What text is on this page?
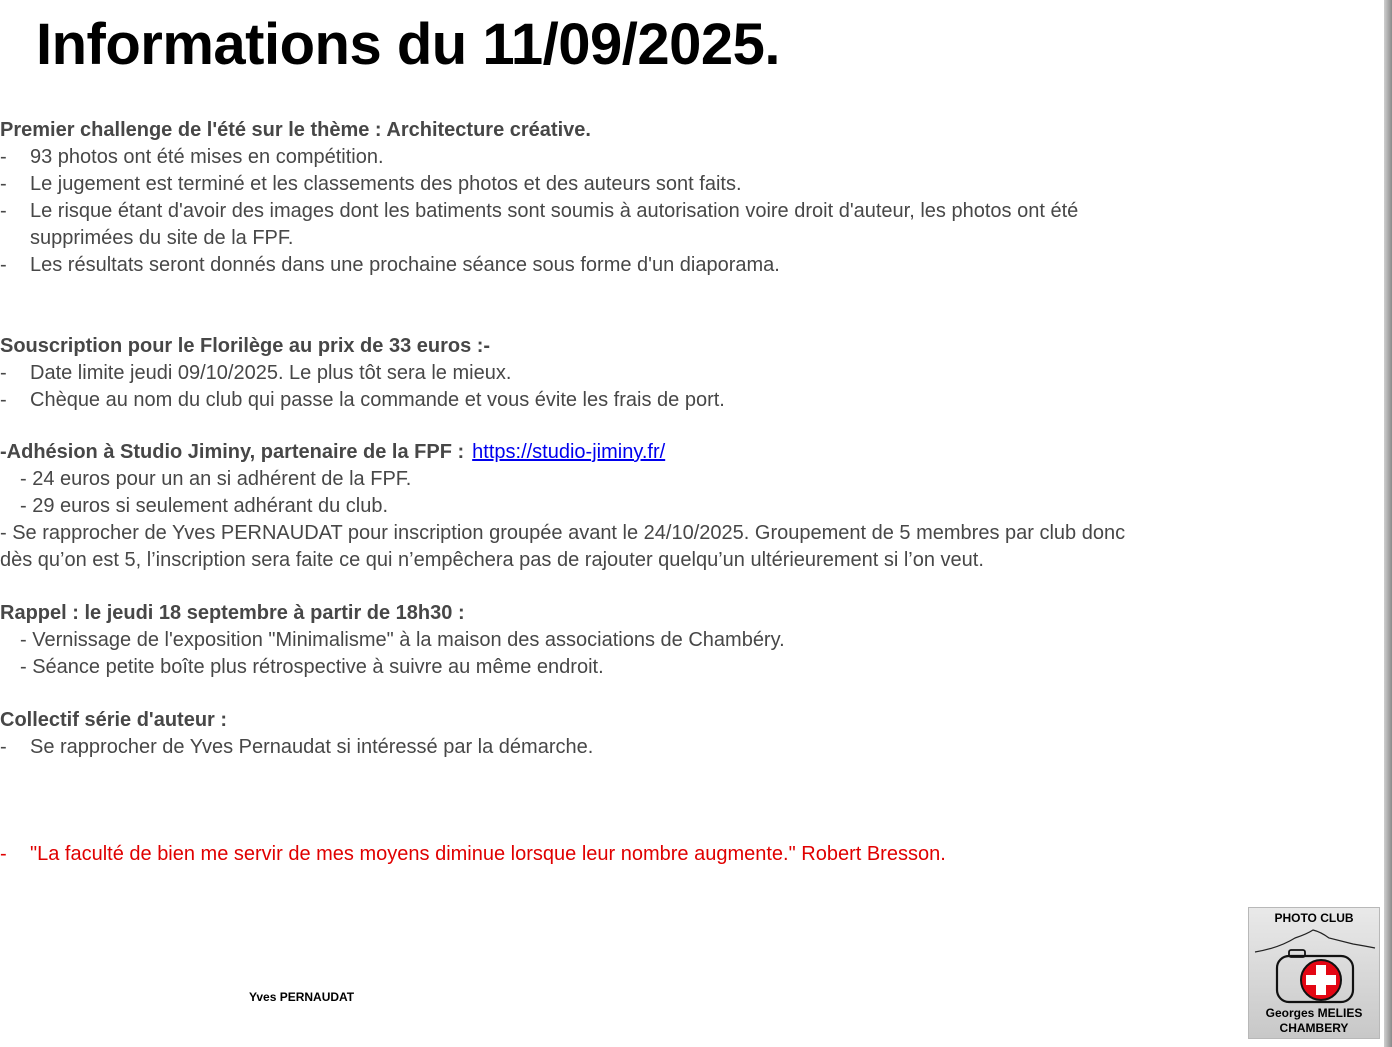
Informations du 11/09/2025.
Premier challenge de l'été sur le thème : Architecture créative.
- 93 photos ont été mises en compétition.
- Le jugement est terminé et les classements des photos et des auteurs sont faits.
- Le risque étant d'avoir des images dont les batiments sont soumis à autorisation voire droit d'auteur, les photos ont été
supprimées du site de la FPF.
- Les résultats seront donnés dans une prochaine séance sous forme d'un diaporama.
Souscription pour le Florilège au prix de 33 euros :-
- Date limite jeudi 09/10/2025. Le plus tôt sera le mieux.
- Chèque au nom du club qui passe la commande et vous évite les frais de port.
-Adhésion à Studio Jiminy, partenaire de la FPF : https://studio-jiminy.fr/
- 24 euros pour un an si adhérent de la FPF.
- 29 euros si seulement adhérant du club.
- Se rapprocher de Yves PERNAUDAT pour inscription groupée avant le 24/10/2025. Groupement de 5 membres par club donc
dès qu’on est 5, l’inscription sera faite ce qui n’empêchera pas de rajouter quelqu’un ultérieurement si l’on veut.
Rappel : le jeudi 18 septembre à partir de 18h30 :
- Vernissage de l'exposition "Minimalisme" à la maison des associations de Chambéry.
- Séance petite boîte plus rétrospective à suivre au même endroit.
Collectif série d'auteur :
- Se rapprocher de Yves Pernaudat si intéressé par la démarche.
- "La faculté de bien me servir de mes moyens diminue lorsque leur nombre augmente." Robert Bresson.
Yves PERNAUDAT
PHOTO CLUB
Georges MELIES
CHAMBERY
